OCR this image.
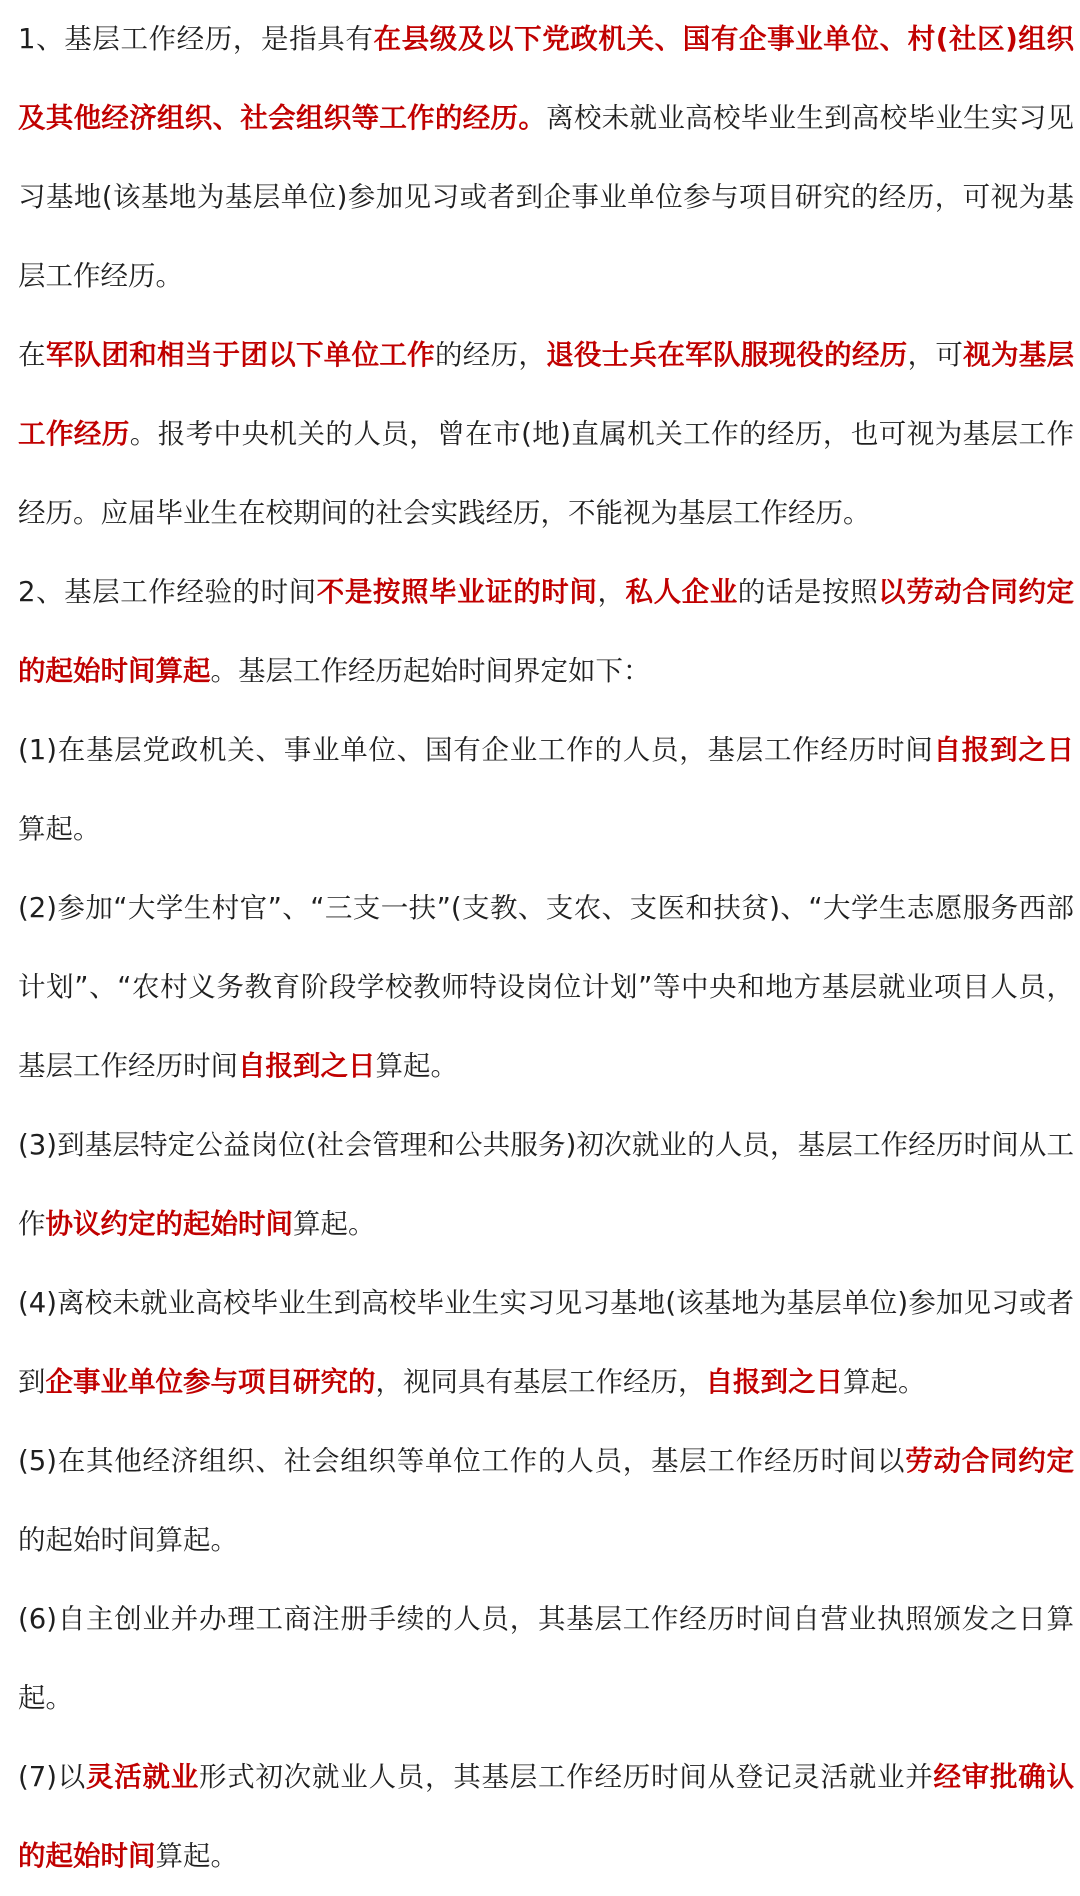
1、基层工作经历，是指具有在县级及以下党政机关、国有企事业单位、村(社区)组织及其他经济组织、社会组织等工作的经历。离校未就业高校毕业生到高校毕业生实习见习基地(该基地为基层单位)参加见习或者到企事业单位参与项目研究的经历，可视为基层工作经历。

在军队团和相当于团以下单位工作的经历，退役士兵在军队服现役的经历，可视为基层工作经历。报考中央机关的人员，曾在市(地)直属机关工作的经历，也可视为基层工作经历。应届毕业生在校期间的社会实践经历，不能视为基层工作经历。

2、基层工作经验的时间不是按照毕业证的时间，私人企业的话是按照以劳动合同约定的起始时间算起。基层工作经历起始时间界定如下：

(1)在基层党政机关、事业单位、国有企业工作的人员，基层工作经历时间自报到之日算起。

(2)参加“大学生村官”、“三支一扶”(支教、支农、支医和扶贫)、“大学生志愿服务西部计划”、“农村义务教育阶段学校教师特设岗位计划”等中央和地方基层就业项目人员，基层工作经历时间自报到之日算起。

(3)到基层特定公益岗位(社会管理和公共服务)初次就业的人员，基层工作经历时间从工作协议约定的起始时间算起。

(4)离校未就业高校毕业生到高校毕业生实习见习基地(该基地为基层单位)参加见习或者到企事业单位参与项目研究的，视同具有基层工作经历，自报到之日算起。

(5)在其他经济组织、社会组织等单位工作的人员，基层工作经历时间以劳动合同约定的起始时间算起。

(6)自主创业并办理工商注册手续的人员，其基层工作经历时间自营业执照颁发之日算起。

(7)以灵活就业形式初次就业人员，其基层工作经历时间从登记灵活就业并经审批确认的起始时间算起。
